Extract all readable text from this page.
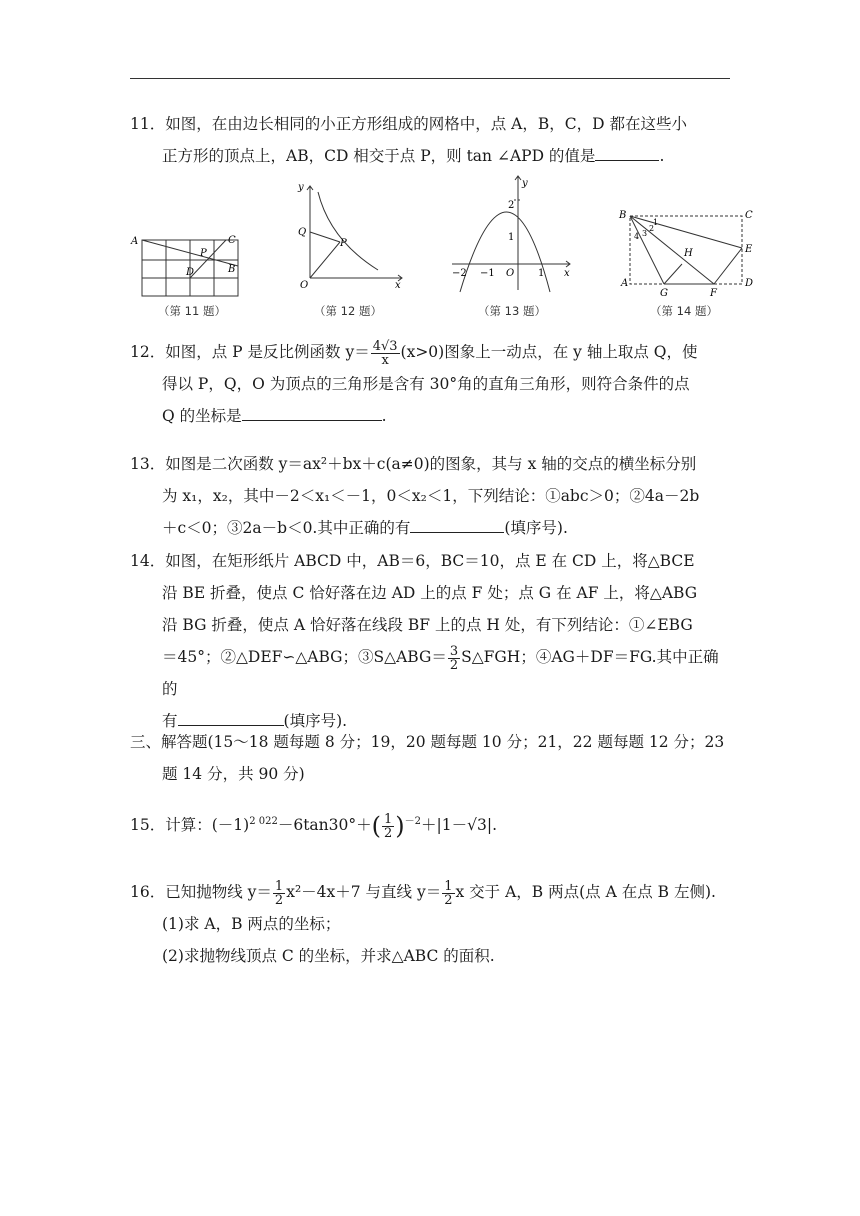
11．如图，在由边长相同的小正方形组成的网格中，点 A，B，C，D 都在这些小
正方形的顶点上，AB，CD 相交于点 P，则 tan ∠APD 的值是	.
A	C
B
P
D
（第 11 题）
y
Q
P
O	x
（第 12 题）
y
2
1
−2 −1 O 1 x
（第 13 题）
B	C
4 3
2
1
H	E
A
G	F
D
（第 14 题）
12．如图，点 P 是反比例函数 $y= \frac{4√3}{x} (x>0)$图象上一动点，在 y 轴上取点 Q，使
得以 P，Q，O 为顶点的三角形是含有 30°角的直角三角形，则符合条件的点
Q 的坐标是	.
13．如图是二次函数 y＝ax²＋bx＋c(a≠0)的图象，其与 x 轴的交点的横坐标分别
为 x₁，x₂，其中－2＜x₁＜－1，0＜x₂＜1，下列结论：①abc＞0；②4a－2b
＋c＜0；③2a－b＜0.其中正确的有	(填序号).
14．如图，在矩形纸片 ABCD 中，AB＝6，BC＝10，点 E 在 CD 上，将△BCE
沿 BE 折叠，使点 C 恰好落在边 AD 上的点 F 处；点 G 在 AF 上，将△ABG
沿 BG 折叠，使点 A 恰好落在线段 BF 上的点 H 处，有下列结论：①∠EBG
＝45°；②△DEF∽△ABG；③S△ABG＝ $\frac{3}{2}$ S△FGH；④AG＋DF＝FG.其中正确的
有	(填序号).
三、解答题(15～18 题每题 8 分；19，20 题每题 10 分；21，22 题每题 12 分；23
题 14 分，共 90 分)
15．计算：$(-1)^{2 022}-6\tan 30^\circ+( \frac{1}{2} )^{-2}+|1-√3|$.
16．已知抛物线 $y= \frac{1}{2} x^2-4x+7$ 与直线 $y= \frac{1}{2}$ x 交于 A，B 两点(点 A 在点 B 左侧).
(1)求 A，B 两点的坐标；
(2)求抛物线顶点 C 的坐标，并求△ABC 的面积.
